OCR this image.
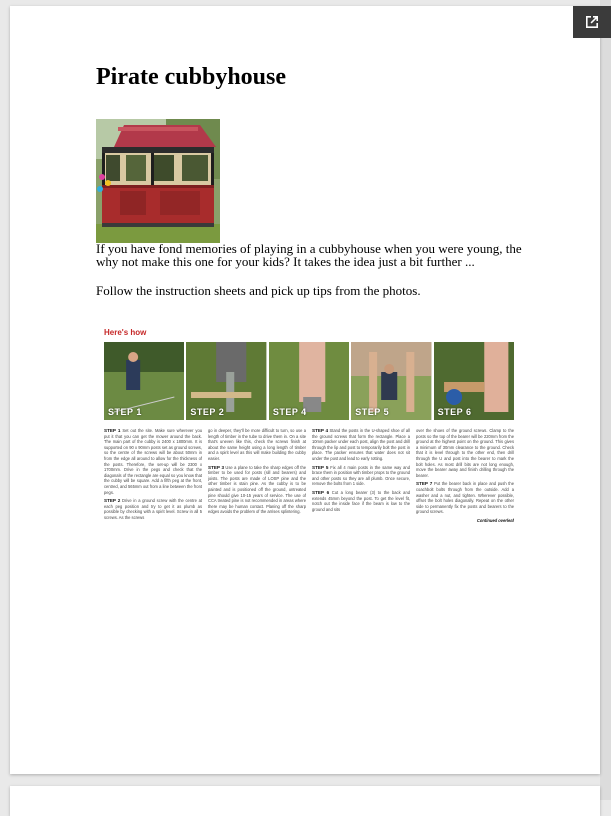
Pirate cubbyhouse

If you have fond memories of playing in a cubbyhouse when you were young, the why not make this one for your kids? It takes the idea just a bit further ...

Follow the instruction sheets and pick up tips from the photos.

Here's how
STEP 1	STEP 2	STEP 4	STEP 5	STEP 6

STEP 1 Set out the site. Make sure wherever you put it that you can get the mower around the back. The main part of the cubby is 2400 x 1800mm. It is supported on 90 x 90mm posts set as ground screws, so the centre of the screws will be about 50mm in from the edge all around to allow for the thickness of the posts. Therefore, the set-up will be 2300 x 1700mm. Drive in the pegs and check that the diagonals of the rectangle are equal so you know that the cubby will be square. Add a fifth peg at the front, centred, and 565mm out from a line between the front pegs.

STEP 2 Drive in a ground screw with the centre at each peg position and try to get it as plumb as possible by checking with a spirit level. Screw in all 5 screws. As the screws

go in deeper, they'll be more difficult to turn, so use a length of timber in the tube to drive them in. On a site that's uneven like this, check the screws finish at about the same height using a long length of timber and a spirit level as this will make building the cubby easier.

STEP 3 Use a plane to take the sharp edges off the timber to be used for posts (sill and bearers) and joists. The posts are made of LOSP pine and the other timber is stain pine. As the cubby is to be painted and is positioned off the ground, untreated pine should give 10-15 years of service. The use of CCA treated pine is not recommended in areas where there may be human contact. Planing off the sharp edges avoids the problem of the arrises splintering.

STEP 4 Stand the posts in the U-shaped shoe of all the ground screws that form the rectangle. Place a 10mm packer under each post, align the post and drill through the lip and post to temporarily bolt the post in place. The packer ensures that water does not sit under the post and lead to early rotting.

STEP 5 Fix all 4 main posts in the same way and brace them in position with timber props to the ground and other posts so they are all plumb. Once secure, remove the bolts from 1 side.

STEP 6 Cut a long bearer (3) to the back and extends 45mm beyond the post. To get the level fit, notch out the inside face if the beam is low to the ground and sits

over the shoes of the ground screws. Clamp to the posts so the top of the bearer will be 220mm from the ground at the highest point on the ground. This gives a minimum of 30mm clearance to the ground. Check that it is level through to the other end, then drill through the U and post into the bearer to mark the bolt holes. As most drill bits are not long enough, move the bearer away and finish drilling through the bearer.

STEP 7 Put the bearer back in place and push the coachbolt bolts through from the outside. Add a washer and a nut, and tighten. Wherever possible, offset the bolt holes diagonally. Repeat on the other side to permanently fix the posts and bearers to the ground screws.

Continued overleaf
